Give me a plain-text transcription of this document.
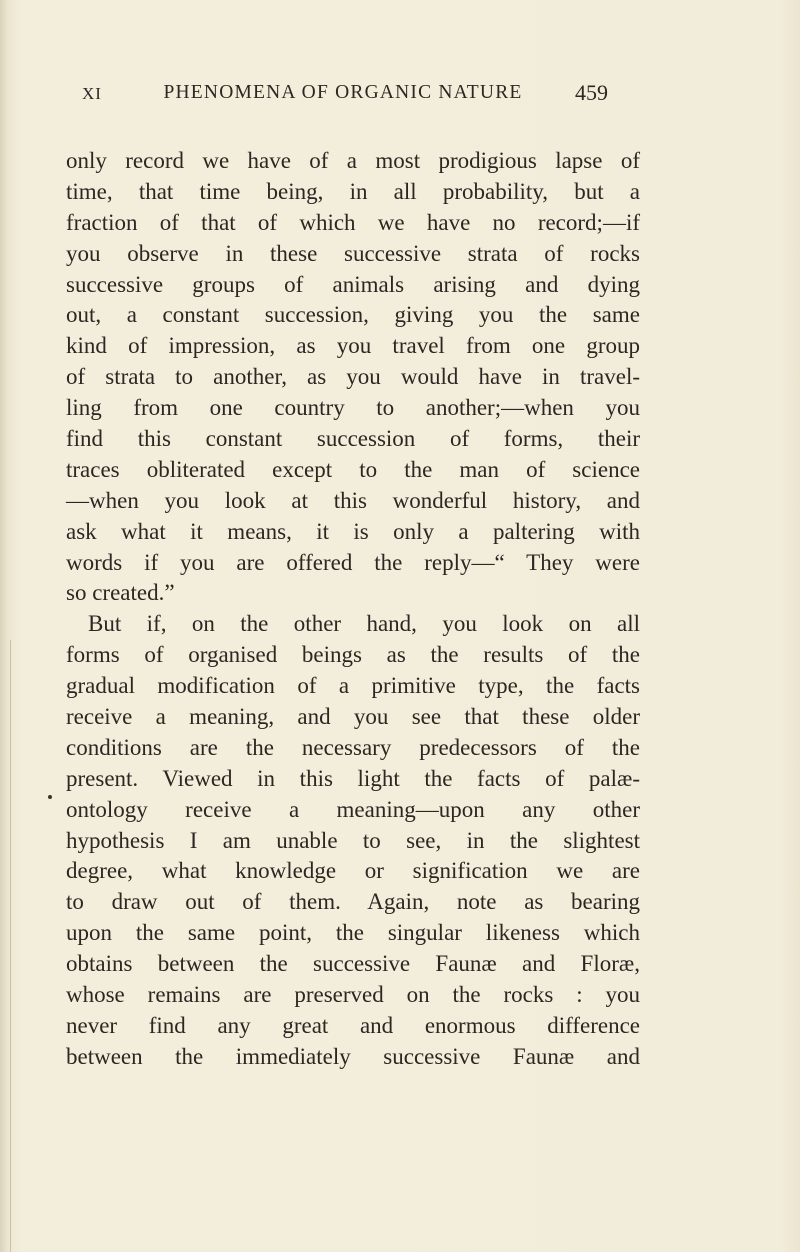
XI	PHENOMENA OF ORGANIC NATURE	459
only record we have of a most prodigious lapse of
time, that time being, in all probability, but a
fraction of that of which we have no record;—if
you observe in these successive strata of rocks
successive groups of animals arising and dying
out, a constant succession, giving you the same
kind of impression, as you travel from one group
of strata to another, as you would have in travel-
ling from one country to another;—when you
find this constant succession of forms, their
traces obliterated except to the man of science
—when you look at this wonderful history, and
ask what it means, it is only a paltering with
words if you are offered the reply—“ They were
so created.”
But if, on the other hand, you look on all
forms of organised beings as the results of the
gradual modification of a primitive type, the facts
receive a meaning, and you see that these older
conditions are the necessary predecessors of the
present. Viewed in this light the facts of palæ-
ontology receive a meaning—upon any other
hypothesis I am unable to see, in the slightest
degree, what knowledge or signification we are
to draw out of them. Again, note as bearing
upon the same point, the singular likeness which
obtains between the successive Faunæ and Floræ,
whose remains are preserved on the rocks : you
never find any great and enormous difference
between the immediately successive Faunæ and
